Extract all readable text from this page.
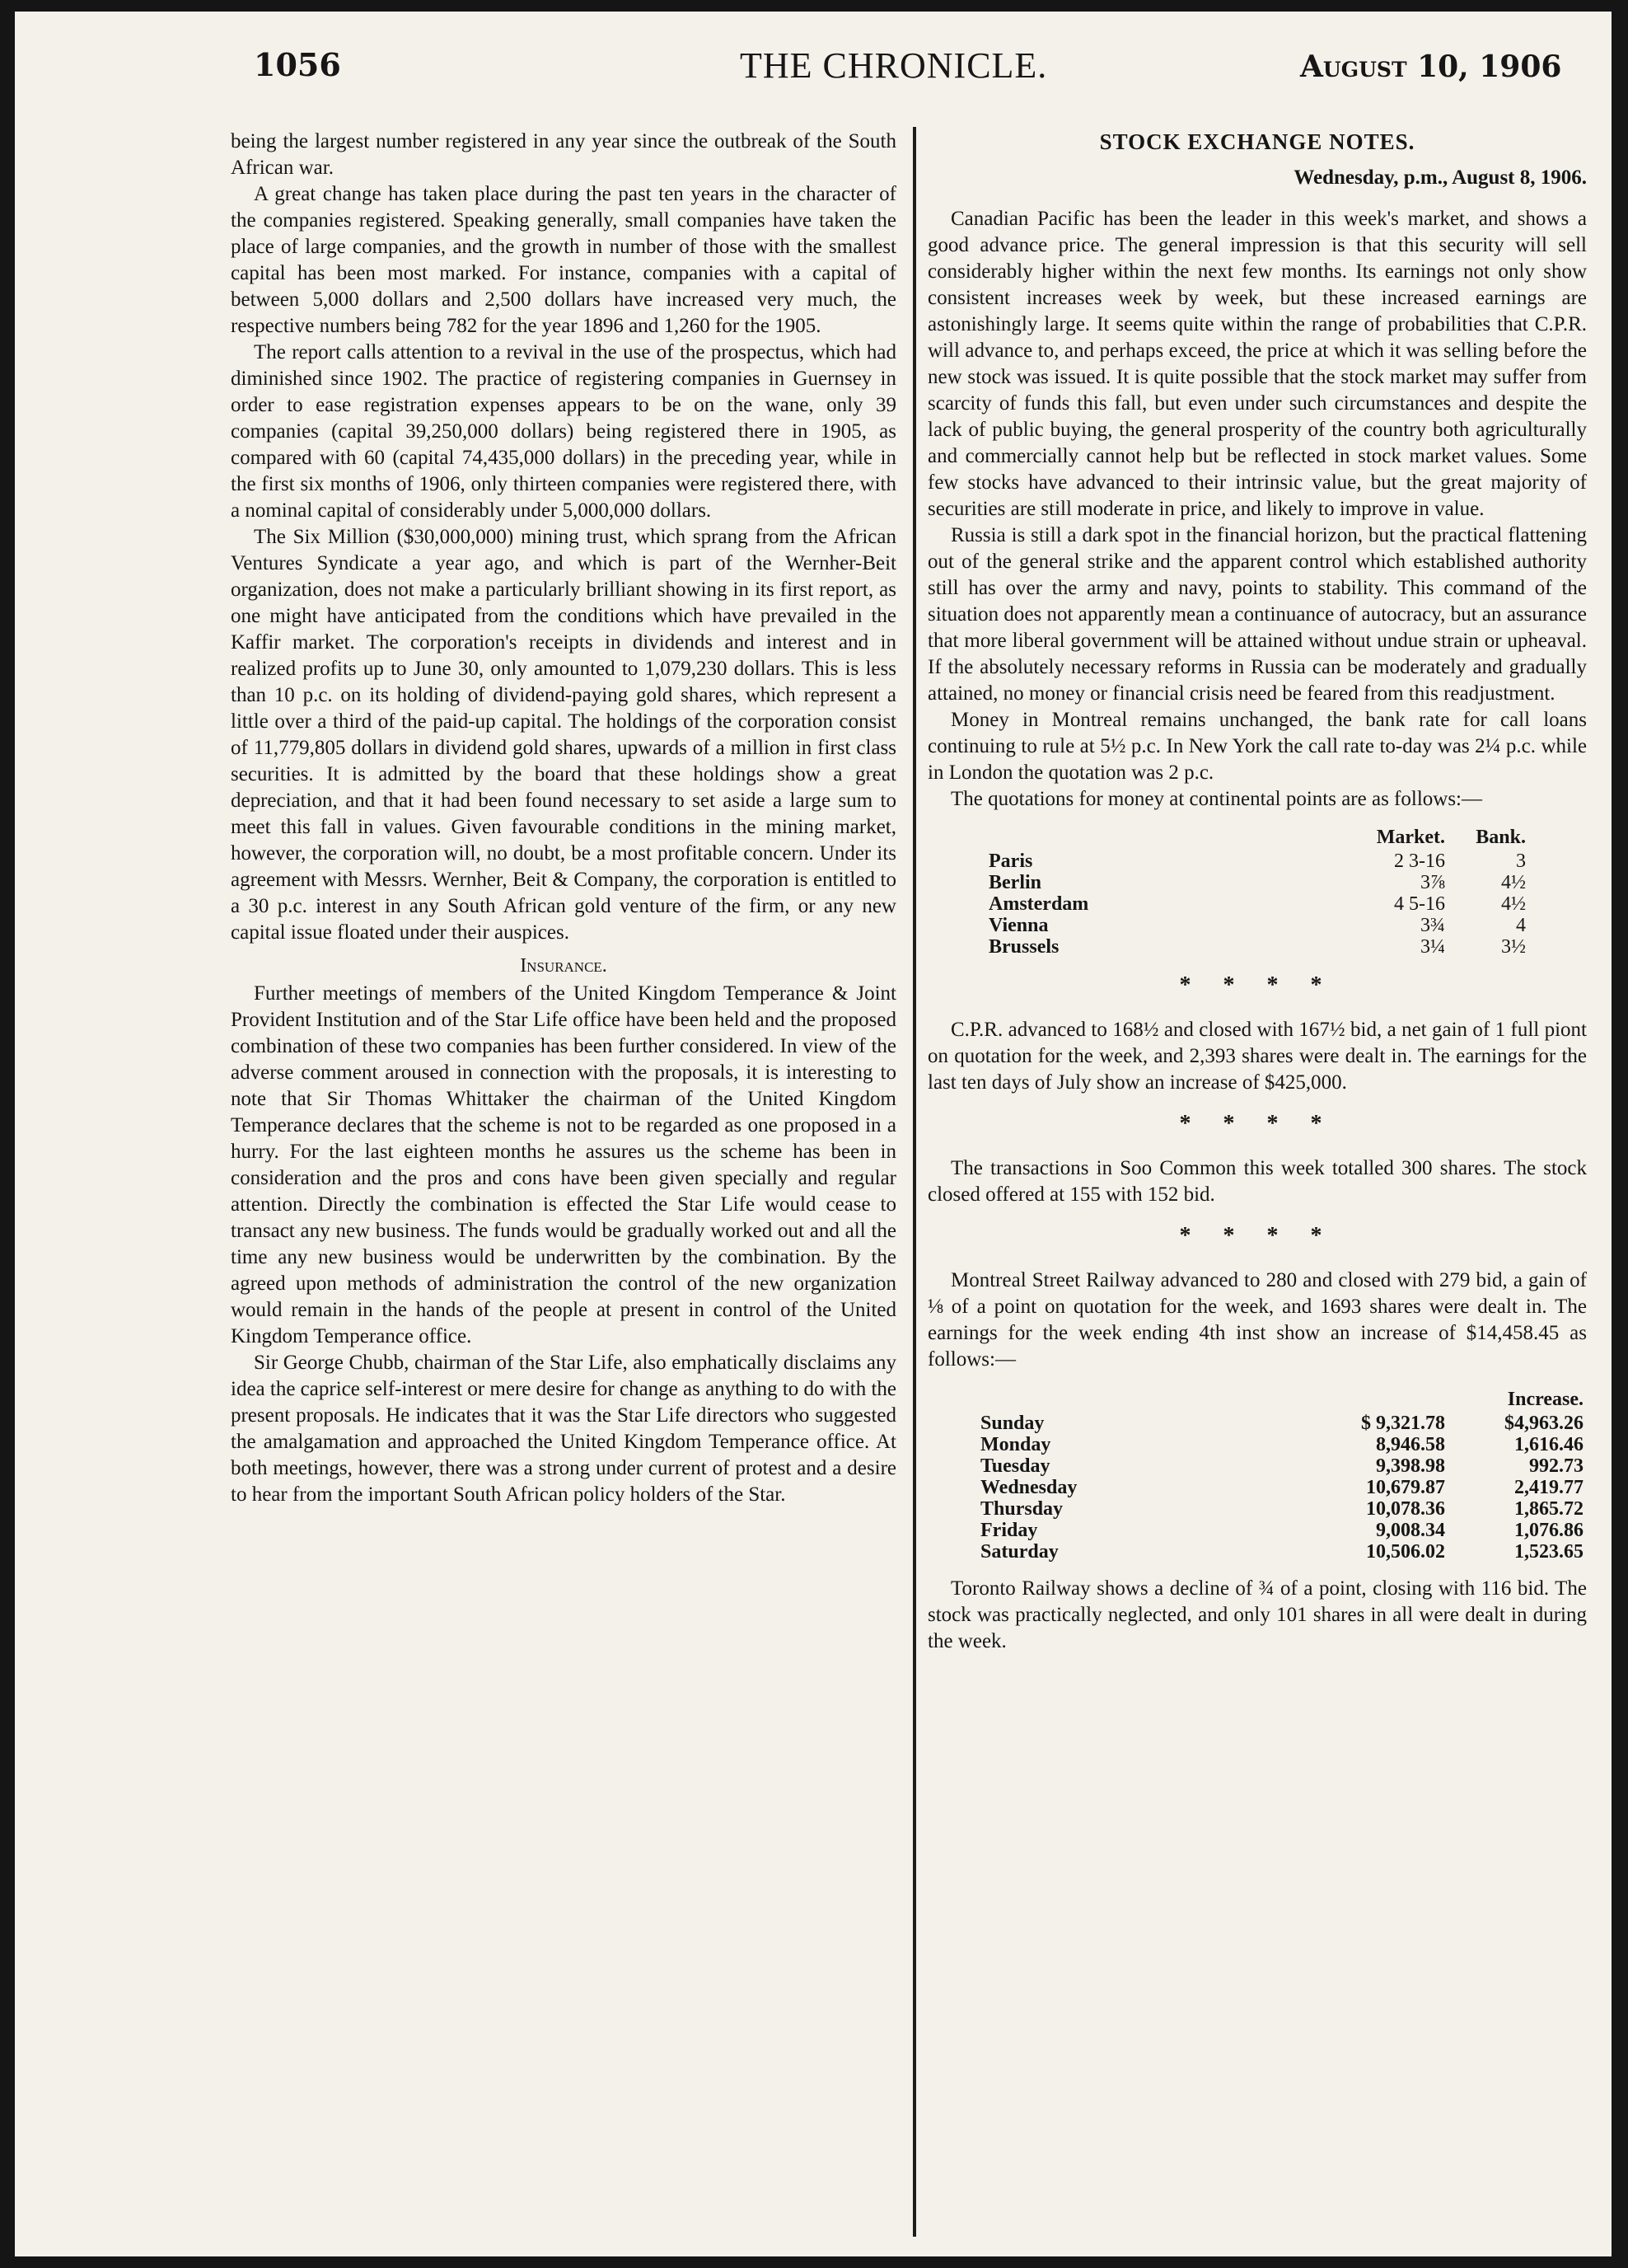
1056	THE CHRONICLE.	August 10, 1906

being the largest number registered in any year since the outbreak of the South African war.

A great change has taken place during the past ten years in the character of the companies registered. Speaking generally, small companies have taken the place of large companies, and the growth in number of those with the smallest capital has been most marked. For instance, companies with a capital of between 5,000 dollars and 2,500 dollars have increased very much, the respective numbers being 782 for the year 1896 and 1,260 for the 1905.

The report calls attention to a revival in the use of the prospectus, which had diminished since 1902. The practice of registering companies in Guernsey in order to ease registration expenses appears to be on the wane, only 39 companies (capital 39,250,000 dollars) being registered there in 1905, as compared with 60 (capital 74,435,000 dollars) in the preceding year, while in the first six months of 1906, only thirteen companies were registered there, with a nominal capital of considerably under 5,000,000 dollars.

The Six Million ($30,000,000) mining trust, which sprang from the African Ventures Syndicate a year ago, and which is part of the Wernher-Beit organization, does not make a particularly brilliant showing in its first report, as one might have anticipated from the conditions which have prevailed in the Kaffir market. The corporation's receipts in dividends and interest and in realized profits up to June 30, only amounted to 1,079,230 dollars. This is less than 10 p.c. on its holding of dividend-paying gold shares, which represent a little over a third of the paid-up capital. The holdings of the corporation consist of 11,779,805 dollars in dividend gold shares, upwards of a million in first class securities. It is admitted by the board that these holdings show a great depreciation, and that it had been found necessary to set aside a large sum to meet this fall in values. Given favourable conditions in the mining market, however, the corporation will, no doubt, be a most profitable concern. Under its agreement with Messrs. Wernher, Beit & Company, the corporation is entitled to a 30 p.c. interest in any South African gold venture of the firm, or any new capital issue floated under their auspices.

Insurance.

Further meetings of members of the United Kingdom Temperance & Joint Provident Institution and of the Star Life office have been held and the proposed combination of these two companies has been further considered. In view of the adverse comment aroused in connection with the proposals, it is interesting to note that Sir Thomas Whittaker the chairman of the United Kingdom Temperance declares that the scheme is not to be regarded as one proposed in a hurry. For the last eighteen months he assures us the scheme has been in consideration and the pros and cons have been given specially and regular attention. Directly the combination is effected the Star Life would cease to transact any new business. The funds would be gradually worked out and all the time any new business would be underwritten by the combination. By the agreed upon methods of administration the control of the new organization would remain in the hands of the people at present in control of the United Kingdom Temperance office.

Sir George Chubb, chairman of the Star Life, also emphatically disclaims any idea the caprice self-interest or mere desire for change as anything to do with the present proposals. He indicates that it was the Star Life directors who suggested the amalgamation and approached the United Kingdom Temperance office. At both meetings, however, there was a strong under current of protest and a desire to hear from the important South African policy holders of the Star.

STOCK EXCHANGE NOTES.
Wednesday, p.m., August 8, 1906.

Canadian Pacific has been the leader in this week's market, and shows a good advance price. The general impression is that this security will sell considerably higher within the next few months. Its earnings not only show consistent increases week by week, but these increased earnings are astonishingly large. It seems quite within the range of probabilities that C.P.R. will advance to, and perhaps exceed, the price at which it was selling before the new stock was issued. It is quite possible that the stock market may suffer from scarcity of funds this fall, but even under such circumstances and despite the lack of public buying, the general prosperity of the country both agriculturally and commercially cannot help but be reflected in stock market values. Some few stocks have advanced to their intrinsic value, but the great majority of securities are still moderate in price, and likely to improve in value.

Russia is still a dark spot in the financial horizon, but the practical flattening out of the general strike and the apparent control which established authority still has over the army and navy, points to stability. This command of the situation does not apparently mean a continuance of autocracy, but an assurance that more liberal government will be attained without undue strain or upheaval. If the absolutely necessary reforms in Russia can be moderately and gradually attained, no money or financial crisis need be feared from this readjustment.

Money in Montreal remains unchanged, the bank rate for call loans continuing to rule at 5½ p.c. In New York the call rate to-day was 2¼ p.c. while in London the quotation was 2 p.c.

The quotations for money at continental points are as follows:—

	Market.	Bank.
Paris	2 3-16	3
Berlin	3⅞	4½
Amsterdam	4 5-16	4½
Vienna	3¾	4
Brussels	3¼	3½
* * * *

C.P.R. advanced to 168½ and closed with 167½ bid, a net gain of 1 full piont on quotation for the week, and 2,393 shares were dealt in. The earnings for the last ten days of July show an increase of $425,000.

* * * *

The transactions in Soo Common this week totalled 300 shares. The stock closed offered at 155 with 152 bid.

* * * *

Montreal Street Railway advanced to 280 and closed with 279 bid, a gain of ⅛ of a point on quotation for the week, and 1693 shares were dealt in. The earnings for the week ending 4th inst show an increase of $14,458.45 as follows:—

		Increase.
Sunday	$ 9,321.78	$4,963.26
Monday	8,946.58	1,616.46
Tuesday	9,398.98	992.73
Wednesday	10,679.87	2,419.77
Thursday	10,078.36	1,865.72
Friday	9,008.34	1,076.86
Saturday	10,506.02	1,523.65

Toronto Railway shows a decline of ¾ of a point, closing with 116 bid. The stock was practically neglected, and only 101 shares in all were dealt in during the week.
